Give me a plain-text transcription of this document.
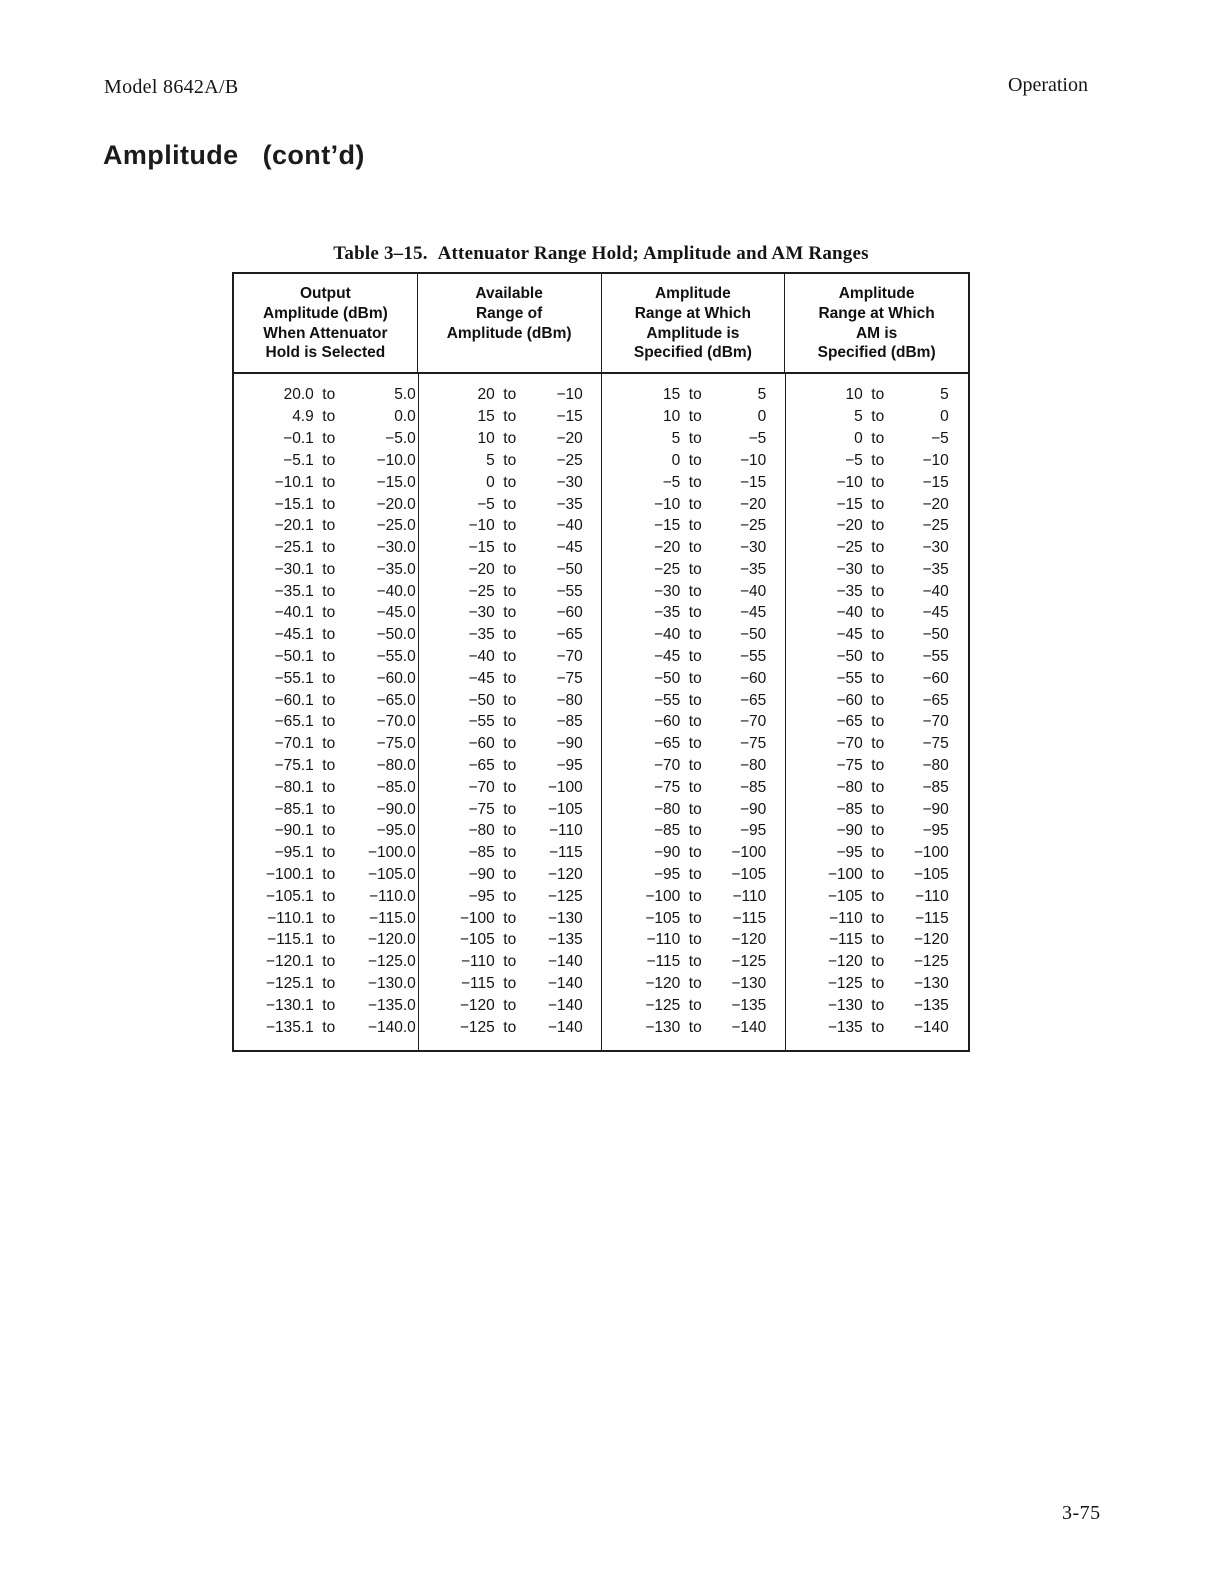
Model 8642A/B	Operation
Amplitude (cont’d)
Table 3–15. Attenuator Range Hold; Amplitude and AM Ranges
Output
Amplitude (dBm)
When Attenuator
Hold is Selected
Available
Range of
Amplitude (dBm)
Amplitude
Range at Which
Amplitude is
Specified (dBm)
Amplitude
Range at Which
AM is
Specified (dBm)
20.0 to	5.0	20 to	−10	15 to	5	10 to	5
4.9 to	0.0	15 to	−15	10 to	0	5 to	0
−0.1 to	−5.0	10 to	−20	5 to	−5	0 to	−5
−5.1 to	−10.0	5 to	−25	0 to	−10	−5 to	−10
−10.1 to	−15.0	0 to	−30	−5 to	−15	−10 to	−15
−15.1 to	−20.0	−5 to	−35	−10 to	−20	−15 to	−20
−20.1 to	−25.0	−10 to	−40	−15 to	−25	−20 to	−25
−25.1 to	−30.0	−15 to	−45	−20 to	−30	−25 to	−30
−30.1 to	−35.0	−20 to	−50	−25 to	−35	−30 to	−35
−35.1 to	−40.0	−25 to	−55	−30 to	−40	−35 to	−40
−40.1 to	−45.0	−30 to	−60	−35 to	−45	−40 to	−45
−45.1 to	−50.0	−35 to	−65	−40 to	−50	−45 to	−50
−50.1 to	−55.0	−40 to	−70	−45 to	−55	−50 to	−55
−55.1 to	−60.0	−45 to	−75	−50 to	−60	−55 to	−60
−60.1 to	−65.0	−50 to	−80	−55 to	−65	−60 to	−65
−65.1 to	−70.0	−55 to	−85	−60 to	−70	−65 to	−70
−70.1 to	−75.0	−60 to	−90	−65 to	−75	−70 to	−75
−75.1 to	−80.0	−65 to	−95	−70 to	−80	−75 to	−80
−80.1 to	−85.0	−70 to	−100	−75 to	−85	−80 to	−85
−85.1 to	−90.0	−75 to	−105	−80 to	−90	−85 to	−90
−90.1 to	−95.0	−80 to	−110	−85 to	−95	−90 to	−95
−95.1 to	−100.0	−85 to	−115	−90 to	−100	−95 to	−100
−100.1 to	−105.0	−90 to	−120	−95 to	−105	−100 to	−105
−105.1 to	−110.0	−95 to	−125	−100 to	−110	−105 to	−110
−110.1 to	−115.0	−100 to	−130	−105 to	−115	−110 to	−115
−115.1 to	−120.0	−105 to	−135	−110 to	−120	−115 to	−120
−120.1 to	−125.0	−110 to	−140	−115 to	−125	−120 to	−125
−125.1 to	−130.0	−115 to	−140	−120 to	−130	−125 to	−130
−130.1 to	−135.0	−120 to	−140	−125 to	−135	−130 to	−135
−135.1 to	−140.0	−125 to	−140	−130 to	−140	−135 to	−140
3-75
